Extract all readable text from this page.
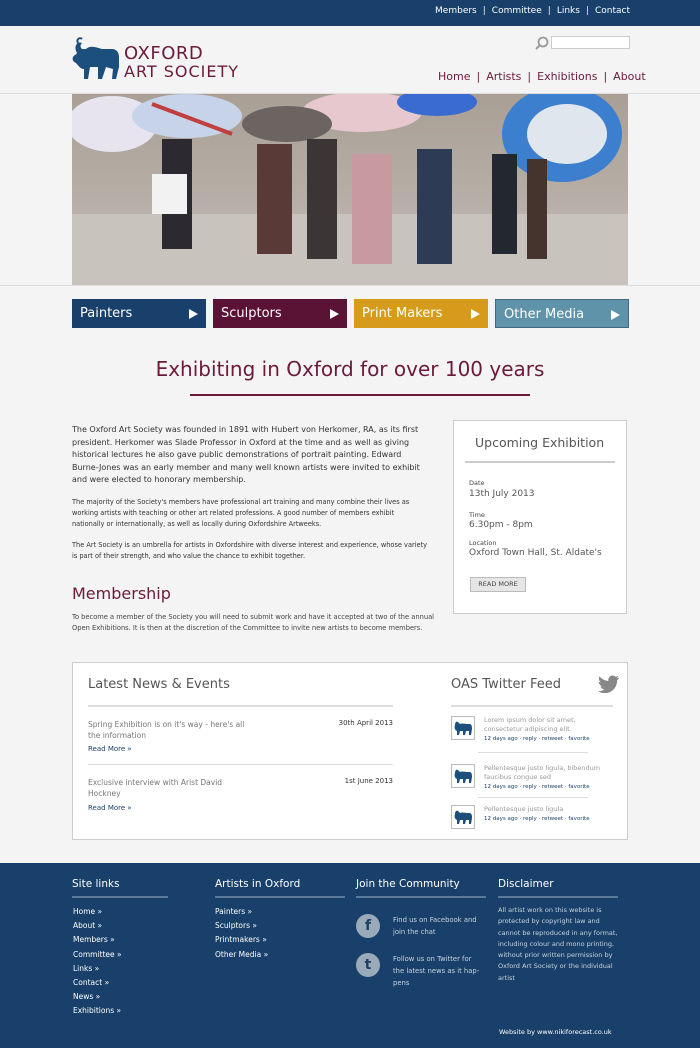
Members | Committee | Links | Contact
OXFORD
ART SOCIETY	Home | Artists | Exhibitions | About
Painters	Sculptors	Print Makers	Other Media
Exhibiting in Oxford for over 100 years

The Oxford Art Society was founded in 1891 with Hubert von Herkomer, RA, as its first president. Herkomer was Slade Professor in Oxford at the time and as well as giving historical lectures he also gave public demonstrations of portrait painting. Edward Burne-Jones was an early member and many well known artists were invited to exhibit and were elected to honorary membership.

The majority of the Society's members have professional art training and many combine their lives as working artists with teaching or other art related professions. A good number of members exhibit nationally or internationally, as well as locally during Oxfordshire Artweeks.

The Art Society is an umbrella for artists in Oxfordshire with diverse interest and experience, whose variety is part of their strength, and who value the chance to exhibit together.

Upcoming Exhibition
Date
13th July 2013
Time
6.30pm - 8pm
Location
Oxford Town Hall, St. Aldate's
READ MORE
Membership
To become a member of the Society you will need to submit work and have it accepted at two of the annual Open Exhibitions. It is then at the discretion of the Committee to invite new artists to become members.
Latest News & Events
Spring Exhibition is on it's way - here's all the information
30th April 2013
Read More »
Exclusive interview with Arist David Hockney
1st June 2013
Read More »
OAS Twitter Feed
Lorem ipsum dolor sit amet, consectetur adipiscing elit.
12 days ago · reply · retweet · favorite
Pellentesque justo ligula, bibendum faucibus congue sed
12 days ago · reply · retweet · favorite
Pellentesque justo ligula
12 days ago · reply · retweet · favorite
Site links
Home »
About »
Members »
Committee »
Links »
Contact »
News »
Exhibitions »
Artists in Oxford
Painters »
Sculptors »
Printmakers »
Other Media »
Join the Community
f	Find us on Facebook and join the chat
t	Follow us on Twitter for the latest news as it hap-pens
Disclaimer
All artist work on this website is protected by copyright law and cannot be reproduced in any format, including colour and mono printing, without prior written permission by Oxford Art Society or the individual artist
Website by www.nikiforecast.co.uk
